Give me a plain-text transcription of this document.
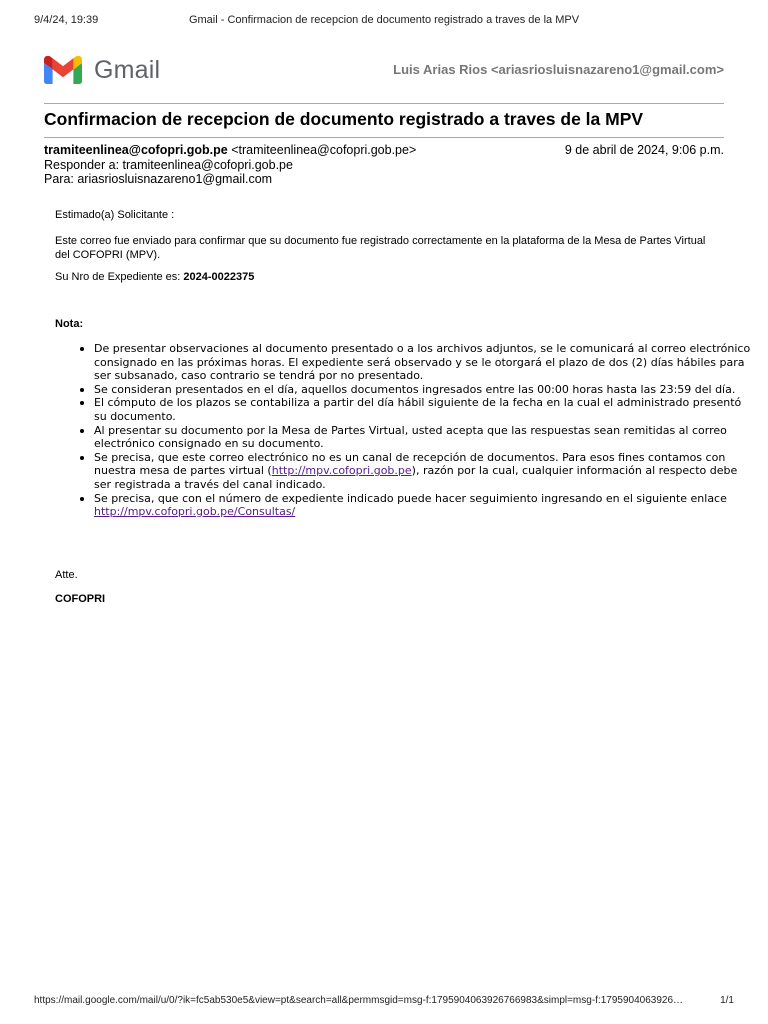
9/4/24, 19:39	Gmail - Confirmacion de recepcion de documento registrado a traves de la MPV
Gmail	Luis Arias Rios <ariasriosluisnazareno1@gmail.com>
Confirmacion de recepcion de documento registrado a traves de la MPV
tramiteenlinea@cofopri.gob.pe <tramiteenlinea@cofopri.gob.pe>	9 de abril de 2024, 9:06 p.m.
Responder a: tramiteenlinea@cofopri.gob.pe
Para: ariasriosluisnazareno1@gmail.com

Estimado(a) Solicitante :

Este correo fue enviado para confirmar que su documento fue registrado correctamente en la plataforma de la Mesa de Partes Virtual del COFOPRI (MPV).

Su Nro de Expediente es: 2024-0022375

Nota:

De presentar observaciones al documento presentado o a los archivos adjuntos, se le comunicará al correo electrónico consignado en las próximas horas. El expediente será observado y se le otorgará el plazo de dos (2) días hábiles para ser subsanado, caso contrario se tendrá por no presentado.
Se consideran presentados en el día, aquellos documentos ingresados entre las 00:00 horas hasta las 23:59 del día.
El cómputo de los plazos se contabiliza a partir del día hábil siguiente de la fecha en la cual el administrado presentó su documento.
Al presentar su documento por la Mesa de Partes Virtual, usted acepta que las respuestas sean remitidas al correo electrónico consignado en su documento.
Se precisa, que este correo electrónico no es un canal de recepción de documentos. Para esos fines contamos con nuestra mesa de partes virtual (http://mpv.cofopri.gob.pe), razón por la cual, cualquier información al respecto debe ser registrada a través del canal indicado.
Se precisa, que con el número de expediente indicado puede hacer seguimiento ingresando en el siguiente enlace http://mpv.cofopri.gob.pe/Consultas/

Atte.

COFOPRI

https://mail.google.com/mail/u/0/?ik=fc5ab530e5&view=pt&search=all&permmsgid=msg-f:1795904063926766983&simpl=msg-f:1795904063926…	1/1
